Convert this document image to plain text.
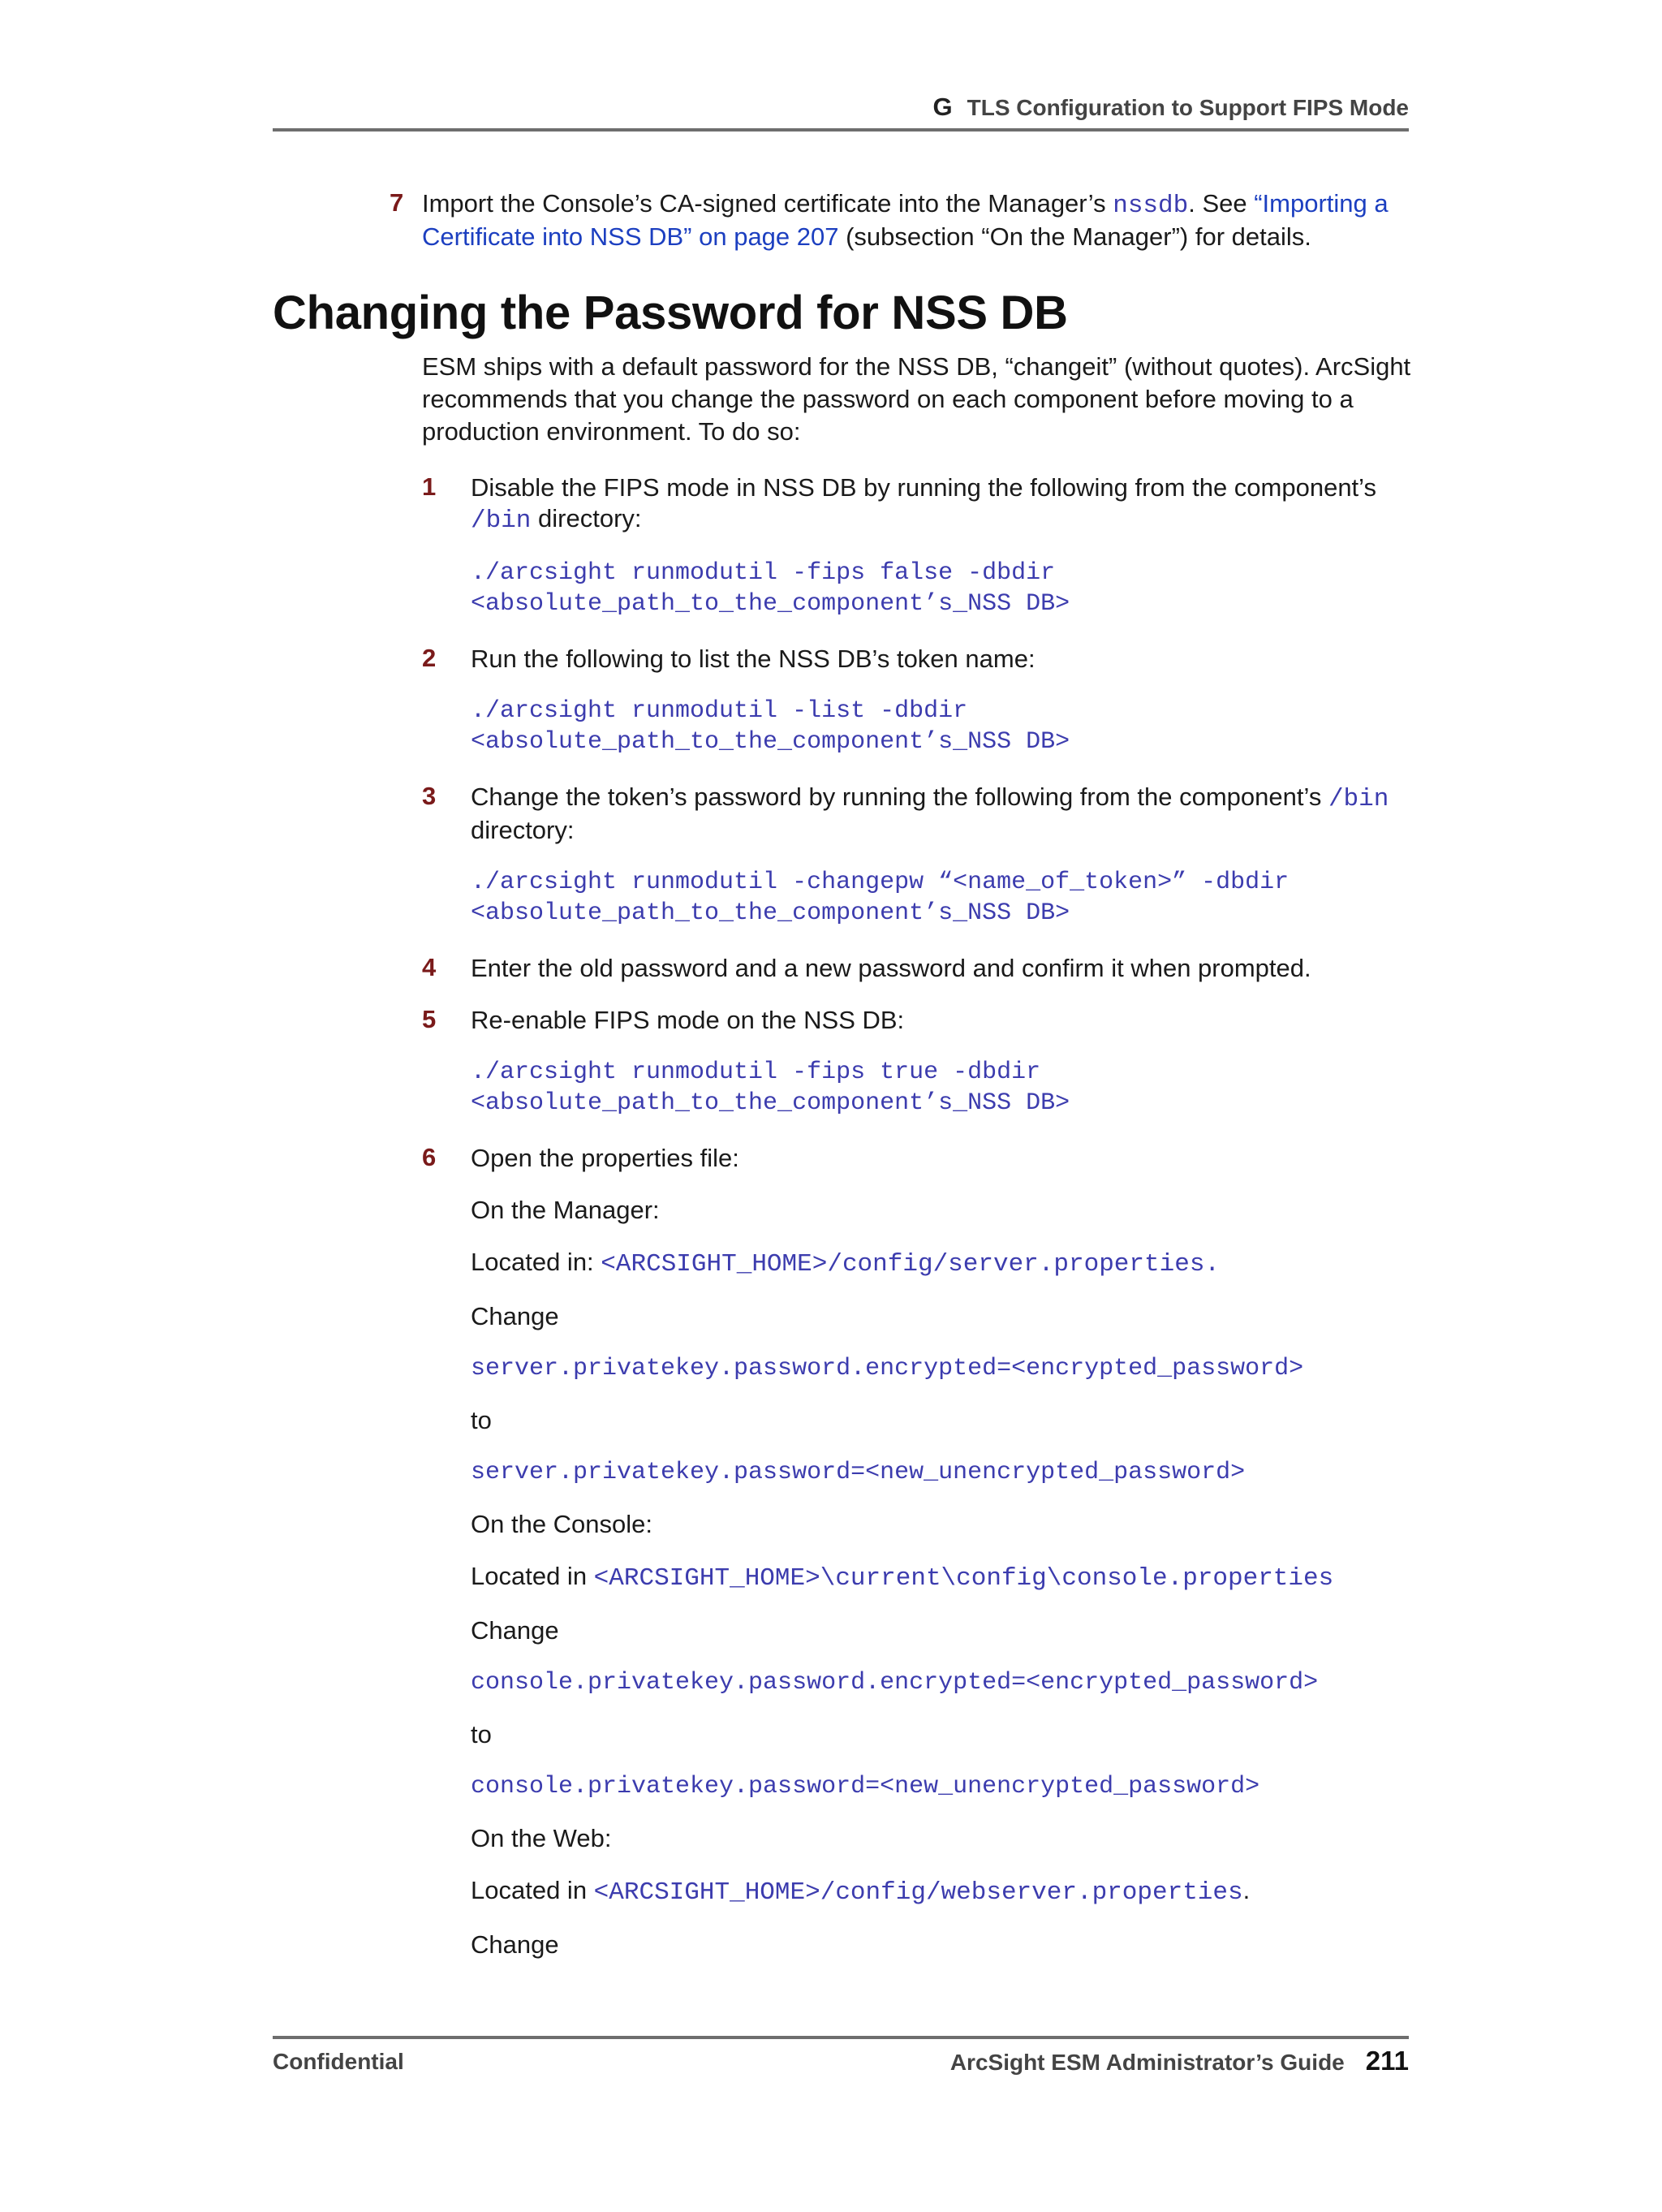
G TLS Configuration to Support FIPS Mode
7 Import the Console’s CA-signed certificate into the Manager’s nssdb. See “Importing a Certificate into NSS DB” on page 207 (subsection “On the Manager”) for details.
Changing the Password for NSS DB

ESM ships with a default password for the NSS DB, “changeit” (without quotes). ArcSight recommends that you change the password on each component before moving to a production environment. To do so:

1	Disable the FIPS mode in NSS DB by running the following from the component’s /bin directory:
./arcsight runmodutil -fips false -dbdir
<absolute_path_to_the_component’s_NSS DB>
2	Run the following to list the NSS DB’s token name:
./arcsight runmodutil -list -dbdir
<absolute_path_to_the_component’s_NSS DB>
3	Change the token’s password by running the following from the component’s /bin directory:
./arcsight runmodutil -changepw “<name_of_token>” -dbdir
<absolute_path_to_the_component’s_NSS DB>
4	Enter the old password and a new password and confirm it when prompted.
5	Re-enable FIPS mode on the NSS DB:
./arcsight runmodutil -fips true -dbdir
<absolute_path_to_the_component’s_NSS DB>
6	Open the properties file:
On the Manager:
Located in: <ARCSIGHT_HOME>/config/server.properties.
Change
server.privatekey.password.encrypted=<encrypted_password>
to
server.privatekey.password=<new_unencrypted_password>
On the Console:
Located in <ARCSIGHT_HOME>\current\config\console.properties
Change
console.privatekey.password.encrypted=<encrypted_password>
to
console.privatekey.password=<new_unencrypted_password>
On the Web:
Located in <ARCSIGHT_HOME>/config/webserver.properties.
Change
Confidential	ArcSight ESM Administrator’s Guide 211
